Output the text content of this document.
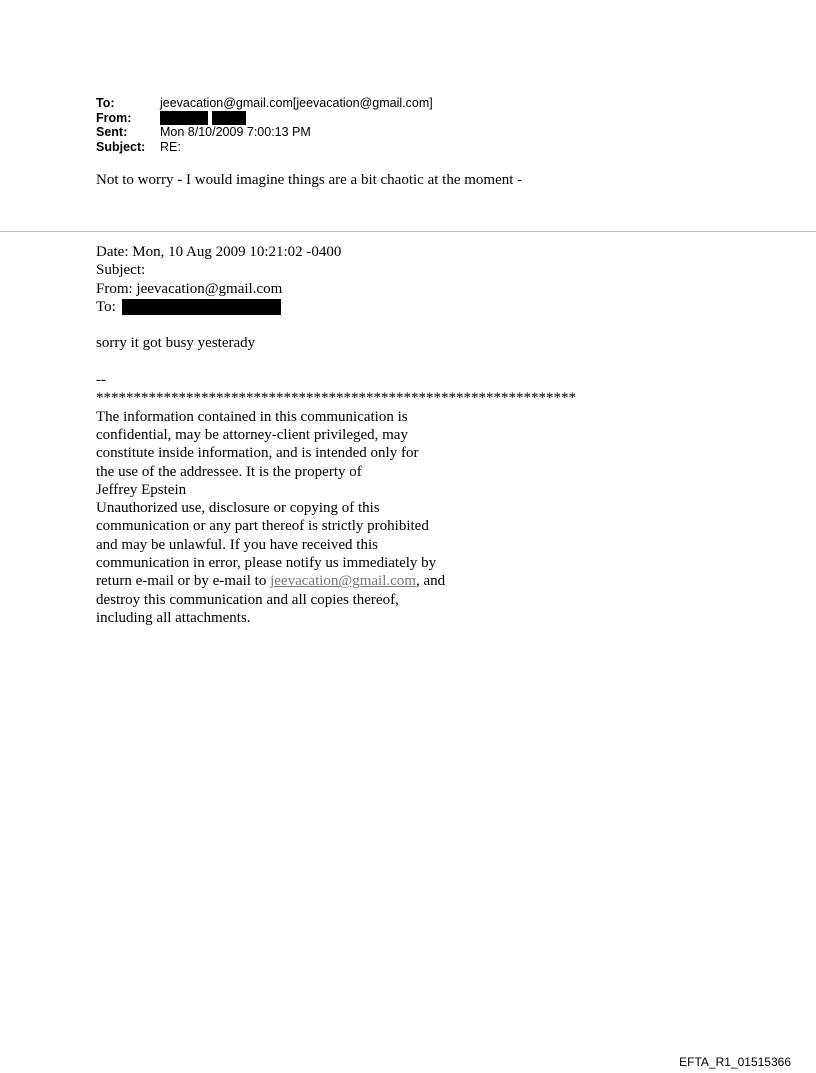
To:	jeevacation@gmail.com[jeevacation@gmail.com]
From:
Sent:	Mon 8/10/2009 7:00:13 PM
Subject:	RE:
Not to worry - I would imagine things are a bit chaotic at the moment -
Date: Mon, 10 Aug 2009 10:21:02 -0400
Subject:
From: jeevacation@gmail.com
To:
sorry it got busy yesterady
--
****************************************************************
The information contained in this communication is
confidential, may be attorney-client privileged, may
constitute inside information, and is intended only for
the use of the addressee. It is the property of
Jeffrey Epstein
Unauthorized use, disclosure or copying of this
communication or any part thereof is strictly prohibited
and may be unlawful. If you have received this
communication in error, please notify us immediately by
return e-mail or by e-mail to jeevacation@gmail.com, and
destroy this communication and all copies thereof,
including all attachments.
EFTA_R1_01515366
